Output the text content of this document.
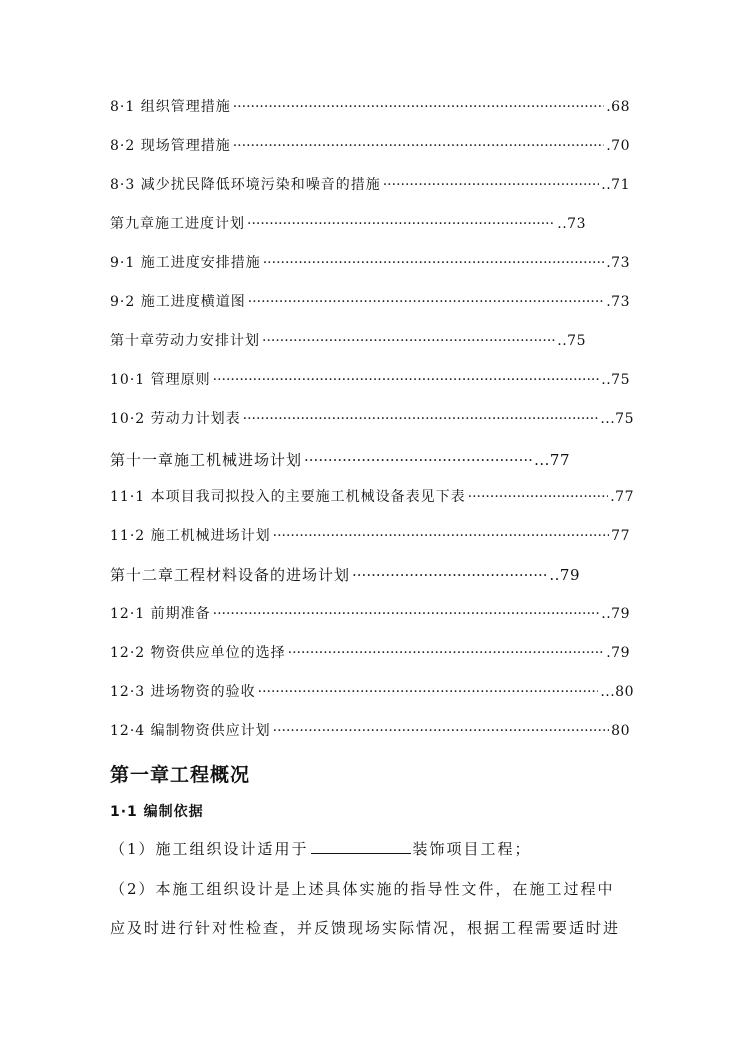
8·1 组织管理措施 ·····	.68
8·2 现场管理措施 ·····	.70
8·3 减少扰民降低环境污染和噪音的措施 ·····	..71
第九章施工进度计划 ·····	..73
9·1 施工进度安排措施 ·····	.73
9·2 施工进度横道图 ·····	.73
第十章劳动力安排计划 ·····	..75
10·1 管理原则 ·····	..75
10·2 劳动力计划表 ·····	...75
第十一章施工机械进场计划 ·····	...77
11·1 本项目我司拟投入的主要施工机械设备表见下表 ·····	.77
11·2 施工机械进场计划 ·····	77
第十二章工程材料设备的进场计划 ·····	..79
12·1 前期准备 ·····	..79
12·2 物资供应单位的选择 ·····	.79
12·3 进场物资的验收 ·····	...80
12·4 编制物资供应计划 ·····	80
第一章工程概况
1·1 编制依据
（1）施工组织设计适用于	装饰项目工程；
（2）本施工组织设计是上述具体实施的指导性文件，在施工过程中
应及时进行针对性检查，并反馈现场实际情况，根据工程需要适时进
